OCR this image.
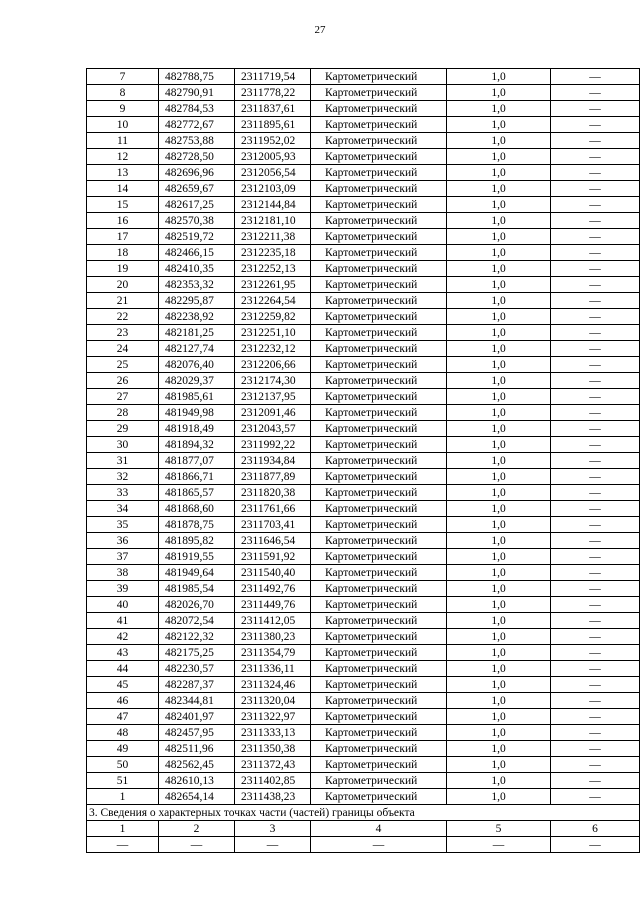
27
7	482788,75	2311719,54	Картометрический	1,0	—
8	482790,91	2311778,22	Картометрический	1,0	—
9	482784,53	2311837,61	Картометрический	1,0	—
10	482772,67	2311895,61	Картометрический	1,0	—
11	482753,88	2311952,02	Картометрический	1,0	—
12	482728,50	2312005,93	Картометрический	1,0	—
13	482696,96	2312056,54	Картометрический	1,0	—
14	482659,67	2312103,09	Картометрический	1,0	—
15	482617,25	2312144,84	Картометрический	1,0	—
16	482570,38	2312181,10	Картометрический	1,0	—
17	482519,72	2312211,38	Картометрический	1,0	—
18	482466,15	2312235,18	Картометрический	1,0	—
19	482410,35	2312252,13	Картометрический	1,0	—
20	482353,32	2312261,95	Картометрический	1,0	—
21	482295,87	2312264,54	Картометрический	1,0	—
22	482238,92	2312259,82	Картометрический	1,0	—
23	482181,25	2312251,10	Картометрический	1,0	—
24	482127,74	2312232,12	Картометрический	1,0	—
25	482076,40	2312206,66	Картометрический	1,0	—
26	482029,37	2312174,30	Картометрический	1,0	—
27	481985,61	2312137,95	Картометрический	1,0	—
28	481949,98	2312091,46	Картометрический	1,0	—
29	481918,49	2312043,57	Картометрический	1,0	—
30	481894,32	2311992,22	Картометрический	1,0	—
31	481877,07	2311934,84	Картометрический	1,0	—
32	481866,71	2311877,89	Картометрический	1,0	—
33	481865,57	2311820,38	Картометрический	1,0	—
34	481868,60	2311761,66	Картометрический	1,0	—
35	481878,75	2311703,41	Картометрический	1,0	—
36	481895,82	2311646,54	Картометрический	1,0	—
37	481919,55	2311591,92	Картометрический	1,0	—
38	481949,64	2311540,40	Картометрический	1,0	—
39	481985,54	2311492,76	Картометрический	1,0	—
40	482026,70	2311449,76	Картометрический	1,0	—
41	482072,54	2311412,05	Картометрический	1,0	—
42	482122,32	2311380,23	Картометрический	1,0	—
43	482175,25	2311354,79	Картометрический	1,0	—
44	482230,57	2311336,11	Картометрический	1,0	—
45	482287,37	2311324,46	Картометрический	1,0	—
46	482344,81	2311320,04	Картометрический	1,0	—
47	482401,97	2311322,97	Картометрический	1,0	—
48	482457,95	2311333,13	Картометрический	1,0	—
49	482511,96	2311350,38	Картометрический	1,0	—
50	482562,45	2311372,43	Картометрический	1,0	—
51	482610,13	2311402,85	Картометрический	1,0	—
1	482654,14	2311438,23	Картометрический	1,0	—
3. Сведения о характерных точках части (частей) границы объекта					
1	2	3	4	5	6
—	—	—	—	—	—
